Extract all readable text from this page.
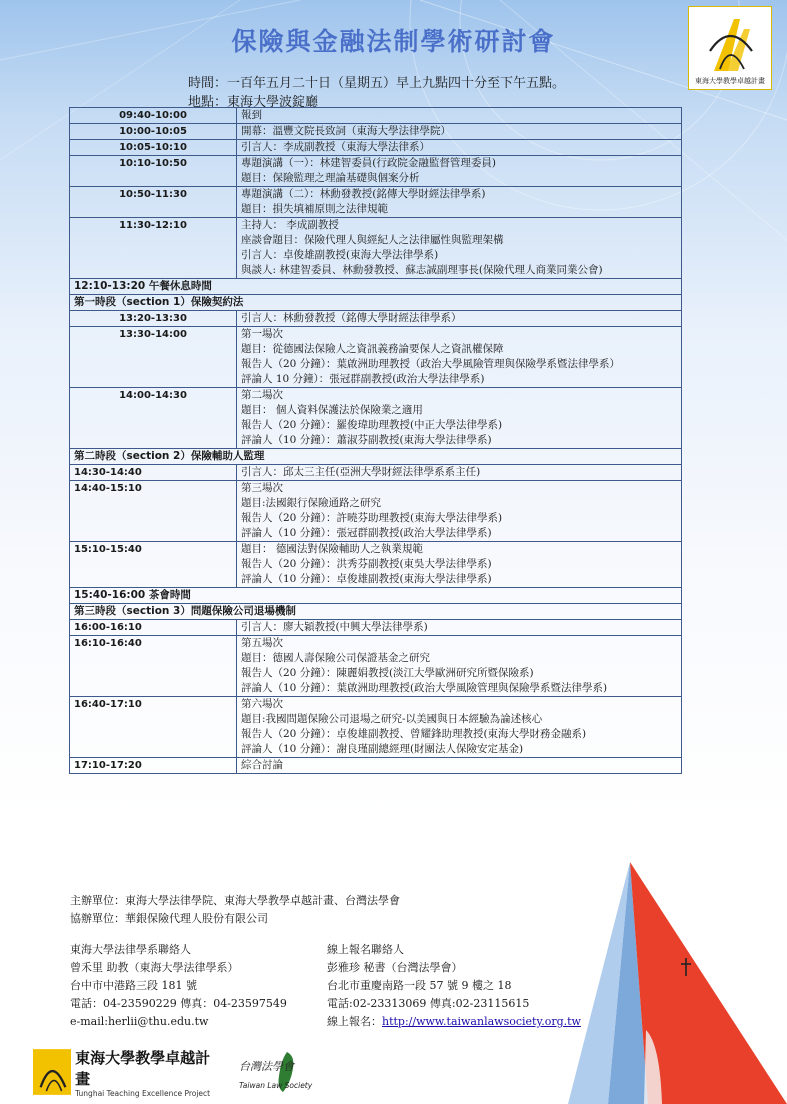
東海大學教學卓越計畫
保險與金融法制學術研討會
時間：一百年五月二十日（星期五）早上九點四十分至下午五點。
地點：東海大學波錠廳
09:40-10:00	報到

10:00-10:05	開幕：溫豐文院長致詞（東海大學法律學院）

10:05-10:10	引言人：李成副教授（東海大學法律系）

10:10-10:50	專題演講（一）：林建智委員(行政院金融監督管理委員)
題目：保險監理之理論基礎與個案分析

10:50-11:30	專題演講（二）：林勳發教授(銘傳大學財經法律學系)
題目：損失填補原則之法律規範

11:30-12:10	主持人： 李成副教授
座談會題目：保險代理人與經紀人之法律屬性與監理架構
引言人：卓俊雄副教授(東海大學法律學系)
與談人: 林建智委員、林勳發教授、蘇志誠副理事長(保險代理人商業同業公會)

12:10-13:20 午餐休息時間	
第一時段（section 1）保險契約法	
13:20-13:30	引言人：林勳發教授（銘傳大學財經法律學系）

13:30-14:00	第一場次
題目：從德國法保險人之資訊義務論要保人之資訊權保障
報告人（20 分鐘）：葉啟洲助理教授（政治大學風險管理與保險學系暨法律學系）
評論人 10 分鐘）：張冠群副教授(政治大學法律學系)

14:00-14:30	第二場次
題目： 個人資料保護法於保險業之適用
報告人（20 分鐘）：羅俊瑋助理教授(中正大學法律學系)
評論人（10 分鐘）：蕭淑芬副教授(東海大學法律學系)

第二時段（section 2）保險輔助人監理	
14:30-14:40	引言人：邱太三主任(亞洲大學財經法律學系系主任)

14:40-15:10	第三場次
題目:法國銀行保險通路之研究
報告人（20 分鐘）：許曉芬助理教授(東海大學法律學系)
評論人（10 分鐘）：張冠群副教授(政治大學法律學系)

15:10-15:40	題目： 德國法對保險輔助人之執業規範
報告人（20 分鐘）：洪秀芬副教授(東吳大學法律學系)
評論人（10 分鐘）：卓俊雄副教授(東海大學法律學系)

15:40-16:00 茶會時間	
第三時段（section 3）問題保險公司退場機制	
16:00-16:10	引言人：廖大穎教授(中興大學法律學系)

16:10-16:40	第五場次
題目：德國人壽保險公司保證基金之研究
報告人（20 分鐘）：陳麗娟教授(淡江大學歐洲研究所暨保險系)
評論人（10 分鐘）：葉啟洲助理教授(政治大學風險管理與保險學系暨法律學系)

16:40-17:10	第六場次
題目:我國問題保險公司退場之研究-以美國與日本經驗為論述核心
報告人（20 分鐘）：卓俊雄副教授、曾耀鋒助理教授(東海大學財務金融系)
評論人（10 分鐘）：謝良瑾副總經理(財團法人保險安定基金)

17:10-17:20	綜合討論
主辦單位：東海大學法律學院、東海大學教學卓越計畫、台灣法學會
協辦單位：華銀保險代理人股份有限公司
東海大學法律學系聯絡人
曾禾里 助教（東海大學法律學系）
台中市中港路三段 181 號
電話：04-23590229 傳真：04-23597549
e-mail:herlii@thu.edu.tw
線上報名聯絡人
彭雅珍 秘書（台灣法學會）
台北市重慶南路一段 57 號 9 樓之 18
電話:02-23313069 傳真:02-23115615
線上報名：http://www.taiwanlawsociety.org.tw
東海大學教學卓越計畫
Tunghai Teaching Excellence Project
台灣法學會
Taiwan Law Society
